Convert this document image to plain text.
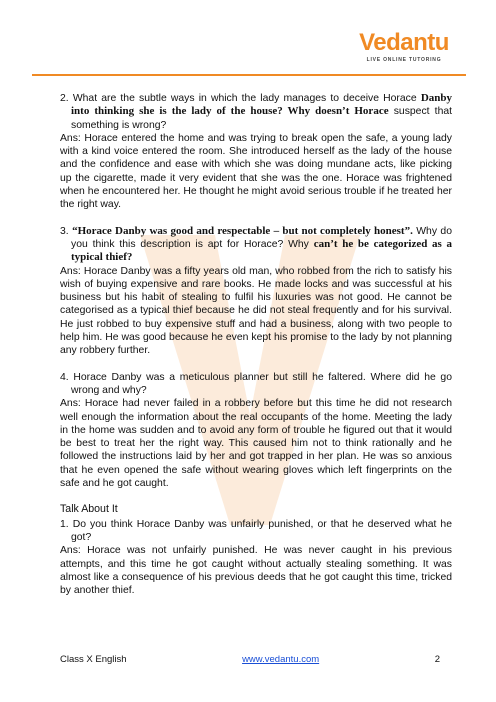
Vedantu
LIVE ONLINE TUTORING
2. What are the subtle ways in which the lady manages to deceive Horace Danby into thinking she is the lady of the house? Why doesn’t Horace suspect that something is wrong?
Ans: Horace entered the home and was trying to break open the safe, a young lady with a kind voice entered the room. She introduced herself as the lady of the house and the confidence and ease with which she was doing mundane acts, like picking up the cigarette, made it very evident that she was the one. Horace was frightened when he encountered her. He thought he might avoid serious trouble if he treated her the right way.
3. “Horace Danby was good and respectable – but not completely honest”. Why do you think this description is apt for Horace? Why can’t he be categorized as a typical thief?
Ans: Horace Danby was a fifty years old man, who robbed from the rich to satisfy his wish of buying expensive and rare books. He made locks and was successful at his business but his habit of stealing to fulfil his luxuries was not good. He cannot be categorised as a typical thief because he did not steal frequently and for his survival. He just robbed to buy expensive stuff and had a business, along with two people to help him. He was good because he even kept his promise to the lady by not planning any robbery further.
4. Horace Danby was a meticulous planner but still he faltered. Where did he go wrong and why?
Ans: Horace had never failed in a robbery before but this time he did not research well enough the information about the real occupants of the home. Meeting the lady in the home was sudden and to avoid any form of trouble he figured out that it would be best to treat her the right way. This caused him not to think rationally and he followed the instructions laid by her and got trapped in her plan. He was so anxious that he even opened the safe without wearing gloves which left fingerprints on the safe and he got caught.
Talk About It
1. Do you think Horace Danby was unfairly punished, or that he deserved what he got?
Ans: Horace was not unfairly punished. He was never caught in his previous attempts, and this time he got caught without actually stealing something. It was almost like a consequence of his previous deeds that he got caught this time, tricked by another thief.
Class X English	www.vedantu.com	2
